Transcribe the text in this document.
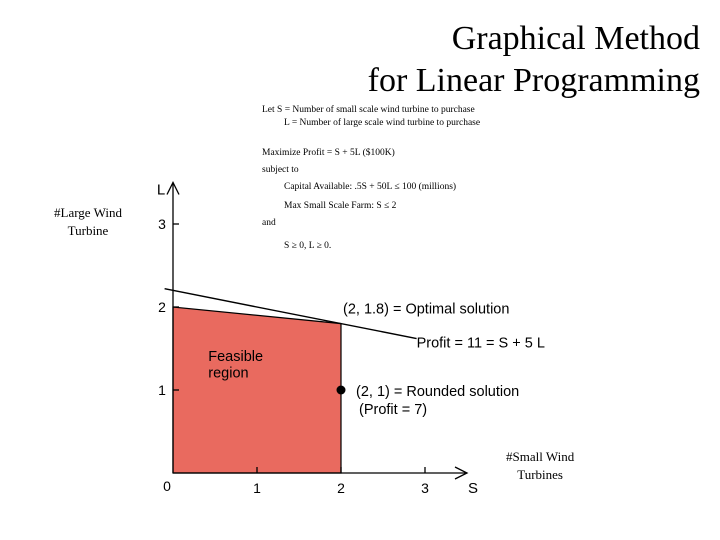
Graphical Method
for Linear Programming
Let S = Number of small scale wind turbine to purchase
L = Number of large scale wind turbine to purchase
Maximize Profit = S + 5L ($100K)
subject to
Capital Available: .5S + 50L ≤ 100 (millions)
Max Small Scale Farm: S ≤ 2
and
S ≥ 0, L ≥ 0.
#Large Wind
Turbine
#Small Wind
Turbines
1	2	3
1
2
3
0	S
L
Profit = 11 = S + 5 L
(2, 1.8) = Optimal solution
(2, 1) = Rounded solution
(Profit = 7)
Feasible
region
